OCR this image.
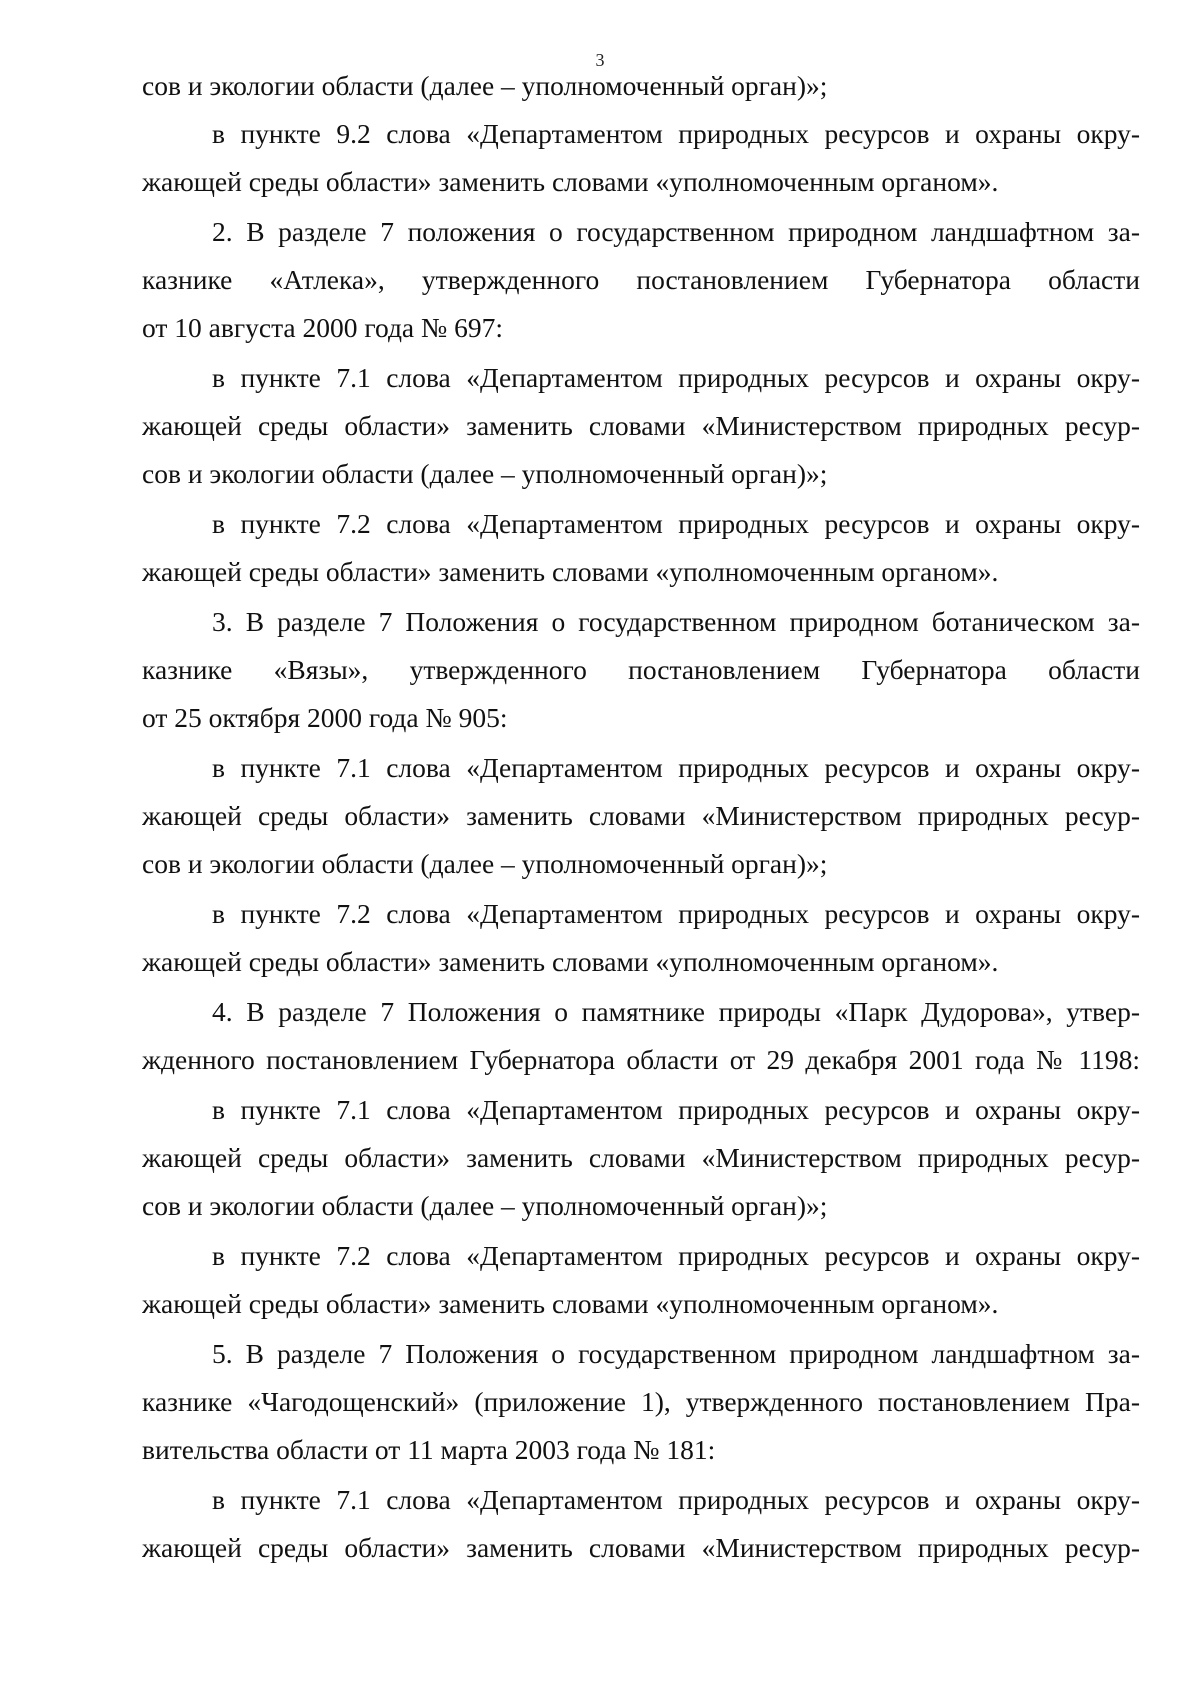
3
сов и экологии области (далее – уполномоченный орган)»;
в пункте 9.2 слова «Департаментом природных ресурсов и охраны окру-
жающей среды области» заменить словами «уполномоченным органом».
2. В разделе 7 положения о государственном природном ландшафтном за-
казнике «Атлека», утвержденного постановлением Губернатора области
от 10 августа 2000 года № 697:
в пункте 7.1 слова «Департаментом природных ресурсов и охраны окру-
жающей среды области» заменить словами «Министерством природных ресур-
сов и экологии области (далее – уполномоченный орган)»;
в пункте 7.2 слова «Департаментом природных ресурсов и охраны окру-
жающей среды области» заменить словами «уполномоченным органом».
3. В разделе 7 Положения о государственном природном ботаническом за-
казнике «Вязы», утвержденного постановлением Губернатора области
от 25 октября 2000 года № 905:
в пункте 7.1 слова «Департаментом природных ресурсов и охраны окру-
жающей среды области» заменить словами «Министерством природных ресур-
сов и экологии области (далее – уполномоченный орган)»;
в пункте 7.2 слова «Департаментом природных ресурсов и охраны окру-
жающей среды области» заменить словами «уполномоченным органом».
4. В разделе 7 Положения о памятнике природы «Парк Дудорова», утвер-
жденного постановлением Губернатора области от 29 декабря 2001 года № 1198:
в пункте 7.1 слова «Департаментом природных ресурсов и охраны окру-
жающей среды области» заменить словами «Министерством природных ресур-
сов и экологии области (далее – уполномоченный орган)»;
в пункте 7.2 слова «Департаментом природных ресурсов и охраны окру-
жающей среды области» заменить словами «уполномоченным органом».
5. В разделе 7 Положения о государственном природном ландшафтном за-
казнике «Чагодощенский» (приложение 1), утвержденного постановлением Пра-
вительства области от 11 марта 2003 года № 181:
в пункте 7.1 слова «Департаментом природных ресурсов и охраны окру-
жающей среды области» заменить словами «Министерством природных ресур-
